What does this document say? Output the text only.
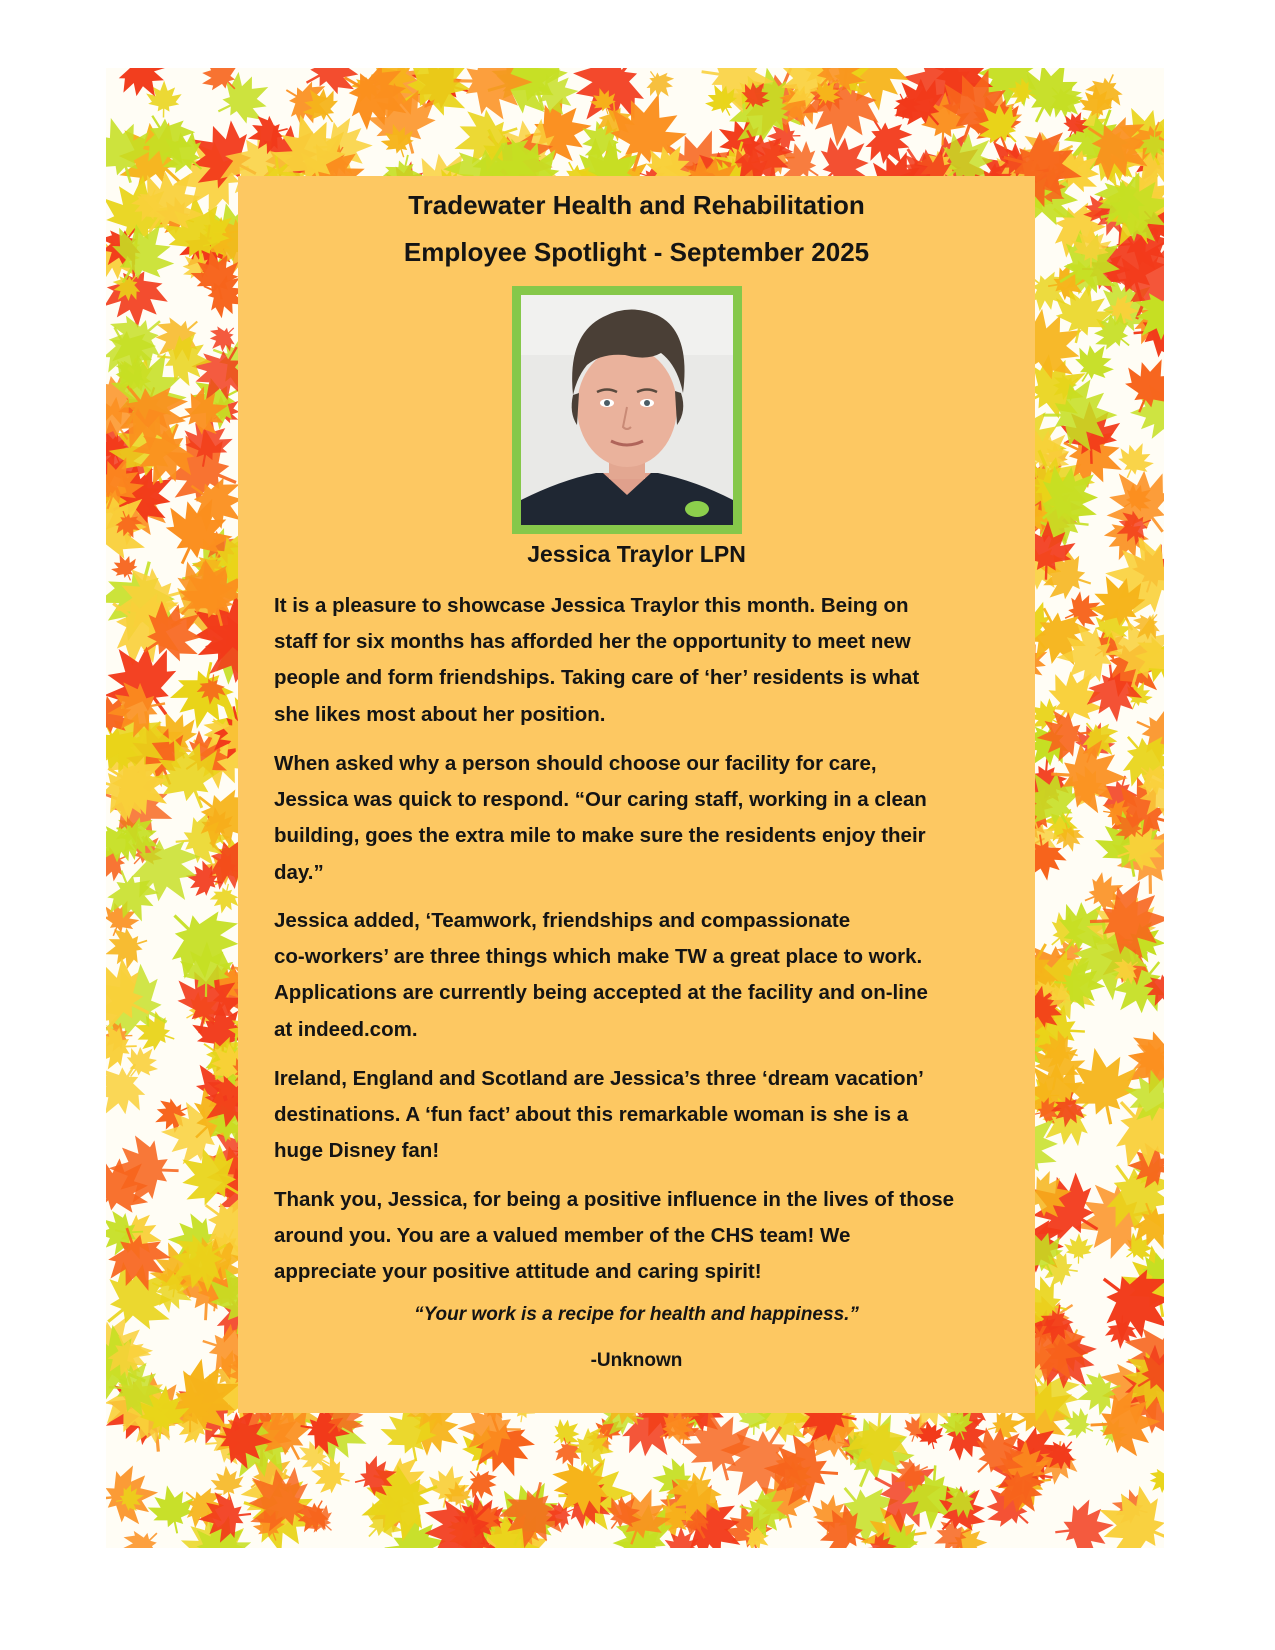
Tradewater Health and Rehabilitation
Employee Spotlight - September 2025
Jessica Traylor LPN
It is a pleasure to showcase Jessica Traylor this month. Being on
staff for six months has afforded her the opportunity to meet new
people and form friendships. Taking care of ‘her’ residents is what
she likes most about her position.
When asked why a person should choose our facility for care,
Jessica was quick to respond. “Our caring staff, working in a clean
building, goes the extra mile to make sure the residents enjoy their
day.”
Jessica added, ‘Teamwork, friendships and compassionate
co-workers’ are three things which make TW a great place to work.
Applications are currently being accepted at the facility and on-line
at indeed.com.
Ireland, England and Scotland are Jessica’s three ‘dream vacation’
destinations. A ‘fun fact’ about this remarkable woman is she is a
huge Disney fan!
Thank you, Jessica, for being a positive influence in the lives of those
around you. You are a valued member of the CHS team! We
appreciate your positive attitude and caring spirit!
“Your work is a recipe for health and happiness.”
-Unknown
